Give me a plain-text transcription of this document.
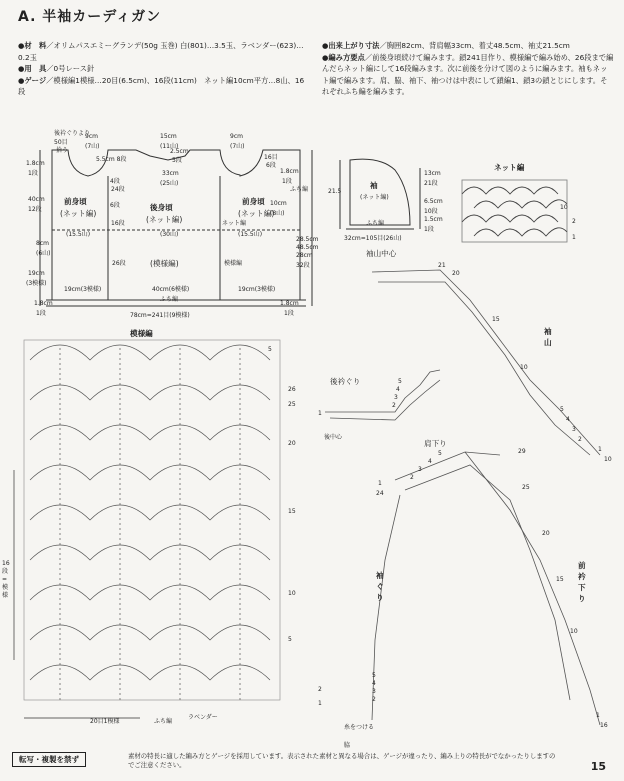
A. 半袖カーディガン
●材　料／オリムパスエミーグランデ(50g 玉巻) 白(801)…3.5玉、ラベンダー(623)…0.2玉
●用　具／0号レース針
●ゲージ／模様編1模様…20目(6.5cm)、16段(11cm)　ネット編10cm平方…8山、16段
●出来上がり寸法／胸囲82cm、背肩幅33cm、着丈48.5cm、袖丈21.5cm
●編み方要点／前後身頃続けて編みます。鎖241目作り、模様編で編み始め、26段まで編んだらネット編にして16段編みます。次に前後を分けて図のように編みます。袖もネット編で編みます。肩、脇、袖下、袖つけは中表にして鎖編1、鎖3の鎖とじにします。それぞれふち編を編みます。
後衿ぐりより
50目
拾う
9cm
(7山)
15cm
(11山)
9cm
(7山)
2.5cm
5段
5.5cm 8段
1.8cm
1段	33cm
(25山)
4段
24段
6段
16段	ネット編
(30山)
(15.5山)	(15.5山)
26段	模様編
前身頃
(ネット編)
後身頃
(ネット編)
前身頃
(ネット編)
(模様編)
16目
6段
1.8cm
1段
ふち編
40cm
12段
28.5cm
48.5cm
28cm
32段
19cm
(3模様)
1.8cm
1段
8cm
(6山)
10cm
(8山)
19cm(3模様)	40cm(6模様)	19cm(3模様)
ふち編
78cm=241目(9模様)
1.8cm
1段
袖
(ネット編)
21.5
ふち編
13cm
21段
6.5cm
10段
1.5cm
1段
32cm=105目(26山)
ネット編
2
1
10
模様編
26
25
20
15
10
5
2
1
16段=模様
20目1模様	ふち編
ラベンダー
5
袖山中心
袖山
21
20
15
10
5
4
3
2
1
10
後衿ぐり
後中心
5
4
3
2
1
肩下り
袖ぐり
前衿下り
29
25
24
5
4
3
2
1
20
15
10
5
4
3
2
1
16
糸をつける
脇
転写・複製を禁ず	素材の特長に適した編み方とゲージを採用しています。表示された素材と異なる場合は、ゲージが違ったり、編み上りの特長がでなかったりしますのでご注意ください。	15
